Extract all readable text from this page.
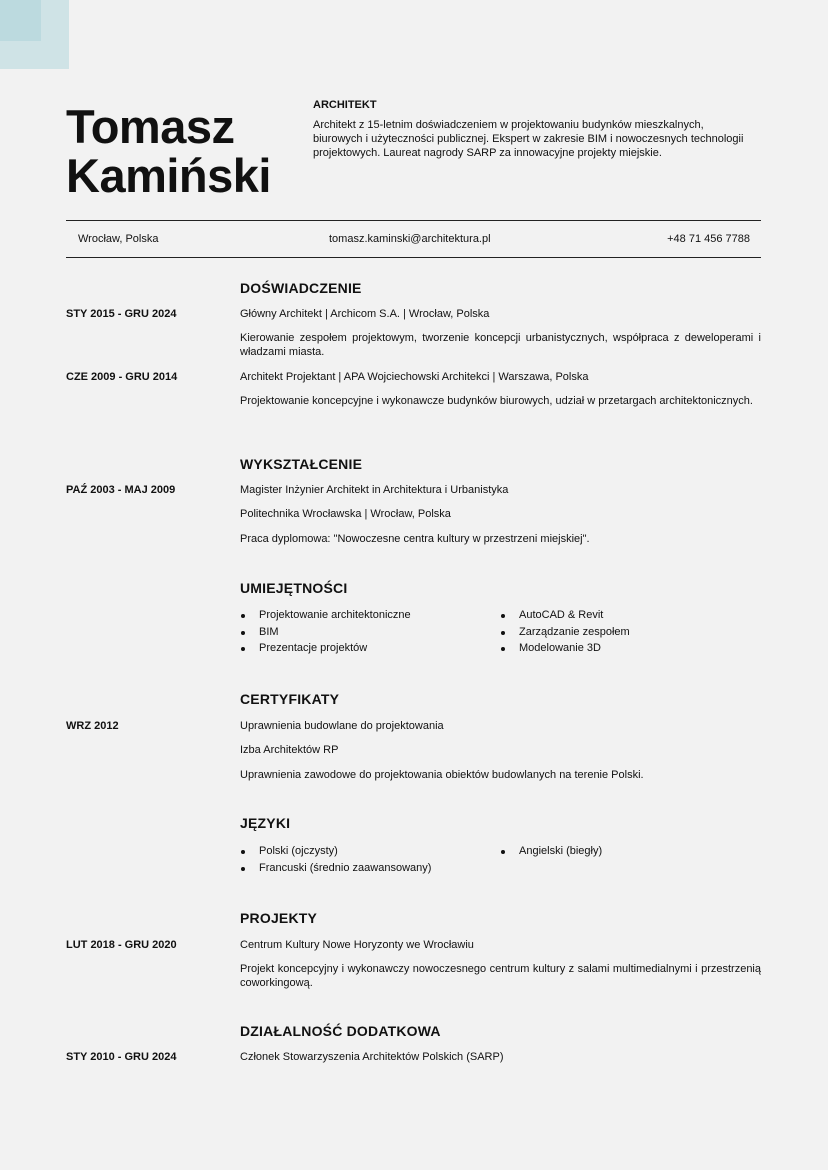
Tomasz
Kamiński
ARCHITEKT
Architekt z 15-letnim doświadczeniem w projektowaniu budynków mieszkalnych, biurowych i użyteczności publicznej. Ekspert w zakresie BIM i nowoczesnych technologii projektowych. Laureat nagrody SARP za innowacyjne projekty miejskie.
Wrocław, Polska	tomasz.kaminski@architektura.pl	+48 71 456 7788
DOŚWIADCZENIE
STY 2015 - GRU 2024	Główny Architekt | Archicom S.A. | Wrocław, Polska
Kierowanie zespołem projektowym, tworzenie koncepcji urbanistycznych, współpraca z deweloperami i władzami miasta.
CZE 2009 - GRU 2014	Architekt Projektant | APA Wojciechowski Architekci | Warszawa, Polska
Projektowanie koncepcyjne i wykonawcze budynków biurowych, udział w przetargach architektonicznych.
WYKSZTAŁCENIE
PAŹ 2003 - MAJ 2009	Magister Inżynier Architekt in Architektura i Urbanistyka
Politechnika Wrocławska | Wrocław, Polska
Praca dyplomowa: "Nowoczesne centra kultury w przestrzeni miejskiej".
UMIEJĘTNOŚCI
Projektowanie architektoniczne
BIM
Prezentacje projektów
AutoCAD & Revit
Zarządzanie zespołem
Modelowanie 3D
CERTYFIKATY
WRZ 2012	Uprawnienia budowlane do projektowania
Izba Architektów RP
Uprawnienia zawodowe do projektowania obiektów budowlanych na terenie Polski.
JĘZYKI
Polski (ojczysty)
Francuski (średnio zaawansowany)
Angielski (biegły)
PROJEKTY
LUT 2018 - GRU 2020	Centrum Kultury Nowe Horyzonty we Wrocławiu
Projekt koncepcyjny i wykonawczy nowoczesnego centrum kultury z salami multimedialnymi i przestrzenią coworkingową.
DZIAŁALNOŚĆ DODATKOWA
STY 2010 - GRU 2024	Członek Stowarzyszenia Architektów Polskich (SARP)
